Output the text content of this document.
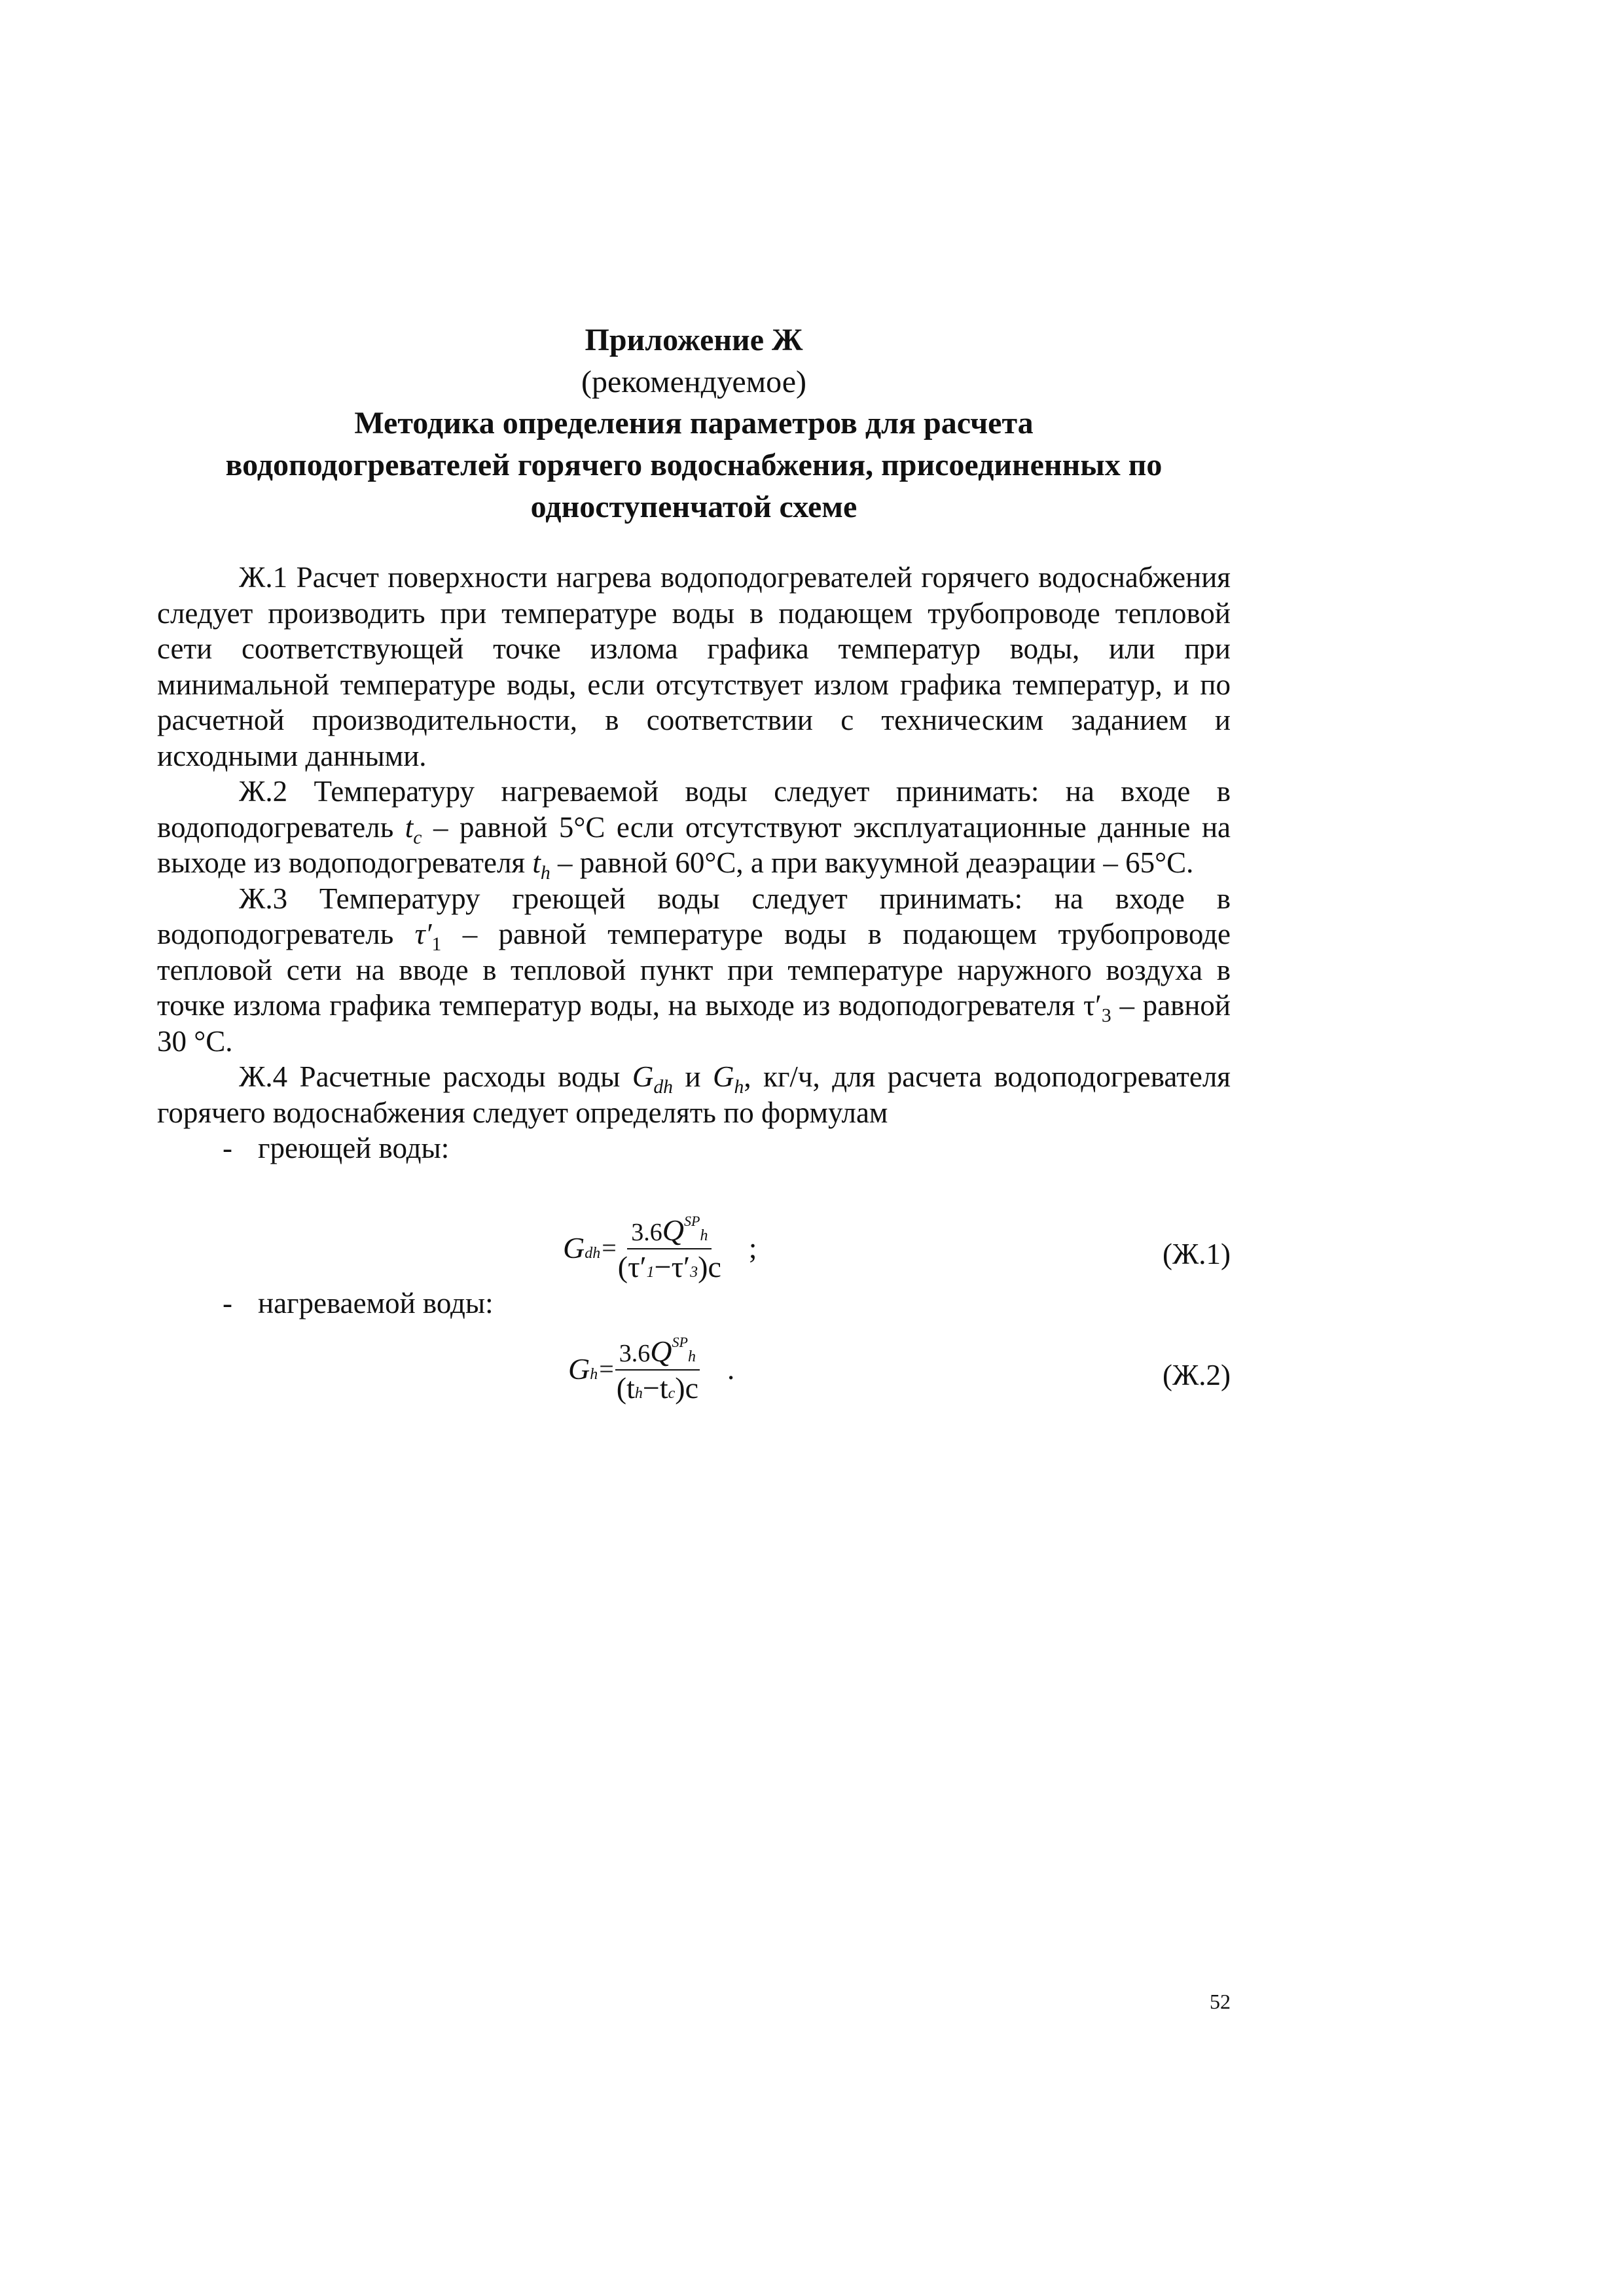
Приложение Ж
(рекомендуемое)
Методика определения параметров для расчета
водоподогревателей горячего водоснабжения, присоединенных по
одноступенчатой схеме

Ж.1 Расчет поверхности нагрева водоподогревателей горячего водоснабжения следует производить при температуре воды в подающем трубопроводе тепловой сети соответствующей точке излома графика температур воды, или при минимальной температуре воды, если отсутствует излом графика температур, и по расчетной производительности, в соответствии с техническим заданием и исходными данными.

Ж.2 Температуру нагреваемой воды следует принимать: на входе в водоподогреватель $t_c$ – равной 5°С если отсутствуют эксплуатационные данные на выходе из водоподогревателя $t_h$ – равной 60°С, а при вакуумной деаэрации – 65°С.

Ж.3 Температуру греющей воды следует принимать: на входе в водоподогреватель $\tau'_1$ – равной температуре воды в подающем трубопроводе тепловой сети на вводе в тепловой пункт при температуре наружного воздуха в точке излома графика температур воды, на выходе из водоподогревателя $\tau'_3$ – равной 30 °С.

Ж.4 Расчетные расходы воды $G_{dh}$ и $G_h$, кг/ч, для расчета водоподогревателя горячего водоснабжения следует определять по формулам

- греющей воды:

Gdh = $\frac{3.6Q^{SP}h}{(\tau'1-\tau'3)c}$ ;	(Ж.1)

- нагреваемой воды:

$Gh = \frac{3.6Q^{SP}h}{(th-tc)c}$ .	(Ж.2)
52
